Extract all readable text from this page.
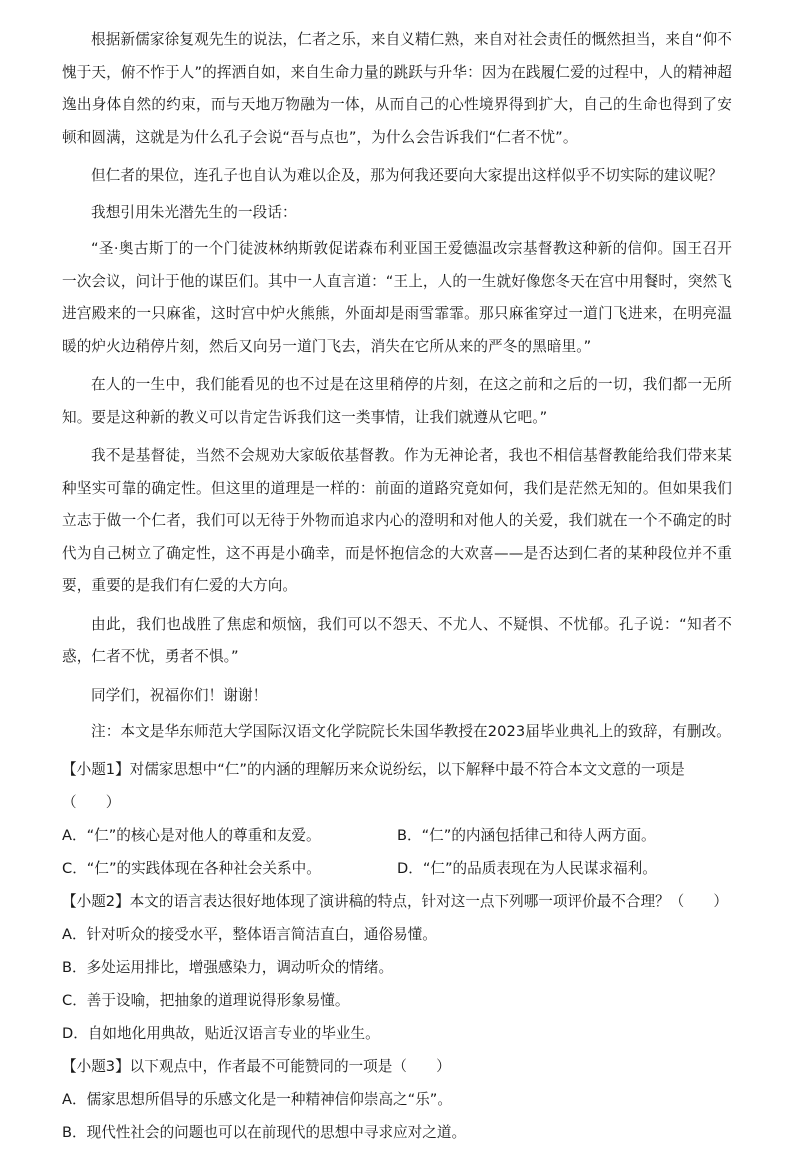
根据新儒家徐复观先生的说法，仁者之乐，来自义精仁熟，来自对社会责任的慨然担当，来自“仰不愧于天，俯不怍于人”的挥洒自如，来自生命力量的跳跃与升华：因为在践履仁爱的过程中，人的精神超逸出身体自然的约束，而与天地万物融为一体，从而自己的心性境界得到扩大，自己的生命也得到了安顿和圆满，这就是为什么孔子会说“吾与点也”，为什么会告诉我们“仁者不忧”。

但仁者的果位，连孔子也自认为难以企及，那为何我还要向大家提出这样似乎不切实际的建议呢？

我想引用朱光潜先生的一段话：

“圣·奥古斯丁的一个门徒波林纳斯敦促诺森布利亚国王爱德温改宗基督教这种新的信仰。国王召开一次会议，问计于他的谋臣们。其中一人直言道：“王上，人的一生就好像您冬天在宫中用餐时，突然飞进宫殿来的一只麻雀，这时宫中炉火熊熊，外面却是雨雪霏霏。那只麻雀穿过一道门飞进来，在明亮温暖的炉火边稍停片刻，然后又向另一道门飞去，消失在它所从来的严冬的黑暗里。”

在人的一生中，我们能看见的也不过是在这里稍停的片刻，在这之前和之后的一切，我们都一无所知。要是这种新的教义可以肯定告诉我们这一类事情，让我们就遵从它吧。”

我不是基督徒，当然不会规劝大家皈依基督教。作为无神论者，我也不相信基督教能给我们带来某种坚实可靠的确定性。但这里的道理是一样的：前面的道路究竟如何，我们是茫然无知的。但如果我们立志于做一个仁者，我们可以无待于外物而追求内心的澄明和对他人的关爱，我们就在一个不确定的时代为自己树立了确定性，这不再是小确幸，而是怀抱信念的大欢喜——是否达到仁者的某种段位并不重要，重要的是我们有仁爱的大方向。

由此，我们也战胜了焦虑和烦恼，我们可以不怨天、不尤人、不疑惧、不忧郁。孔子说：“知者不惑，仁者不忧，勇者不惧。”

同学们，祝福你们！谢谢！

注：本文是华东师范大学国际汉语文化学院院长朱国华教授在2023届毕业典礼上的致辞，有删改。

【小题1】对儒家思想中“仁”的内涵的理解历来众说纷纭，以下解释中最不符合本文文意的一项是（　　）

A．“仁”的核心是对他人的尊重和友爱。	B．“仁”的内涵包括律己和待人两方面。
C．“仁”的实践体现在各种社会关系中。	D．“仁”的品质表现在为人民谋求福利。

【小题2】本文的语言表达很好地体现了演讲稿的特点，针对这一点下列哪一项评价最不合理？（　　）

A．针对听众的接受水平，整体语言简洁直白，通俗易懂。

B．多处运用排比，增强感染力，调动听众的情绪。

C．善于设喻，把抽象的道理说得形象易懂。

D．自如地化用典故，贴近汉语言专业的毕业生。

【小题3】以下观点中，作者最不可能赞同的一项是（　　）

A．儒家思想所倡导的乐感文化是一种精神信仰崇高之“乐”。

B．现代性社会的问题也可以在前现代的思想中寻求应对之道。
